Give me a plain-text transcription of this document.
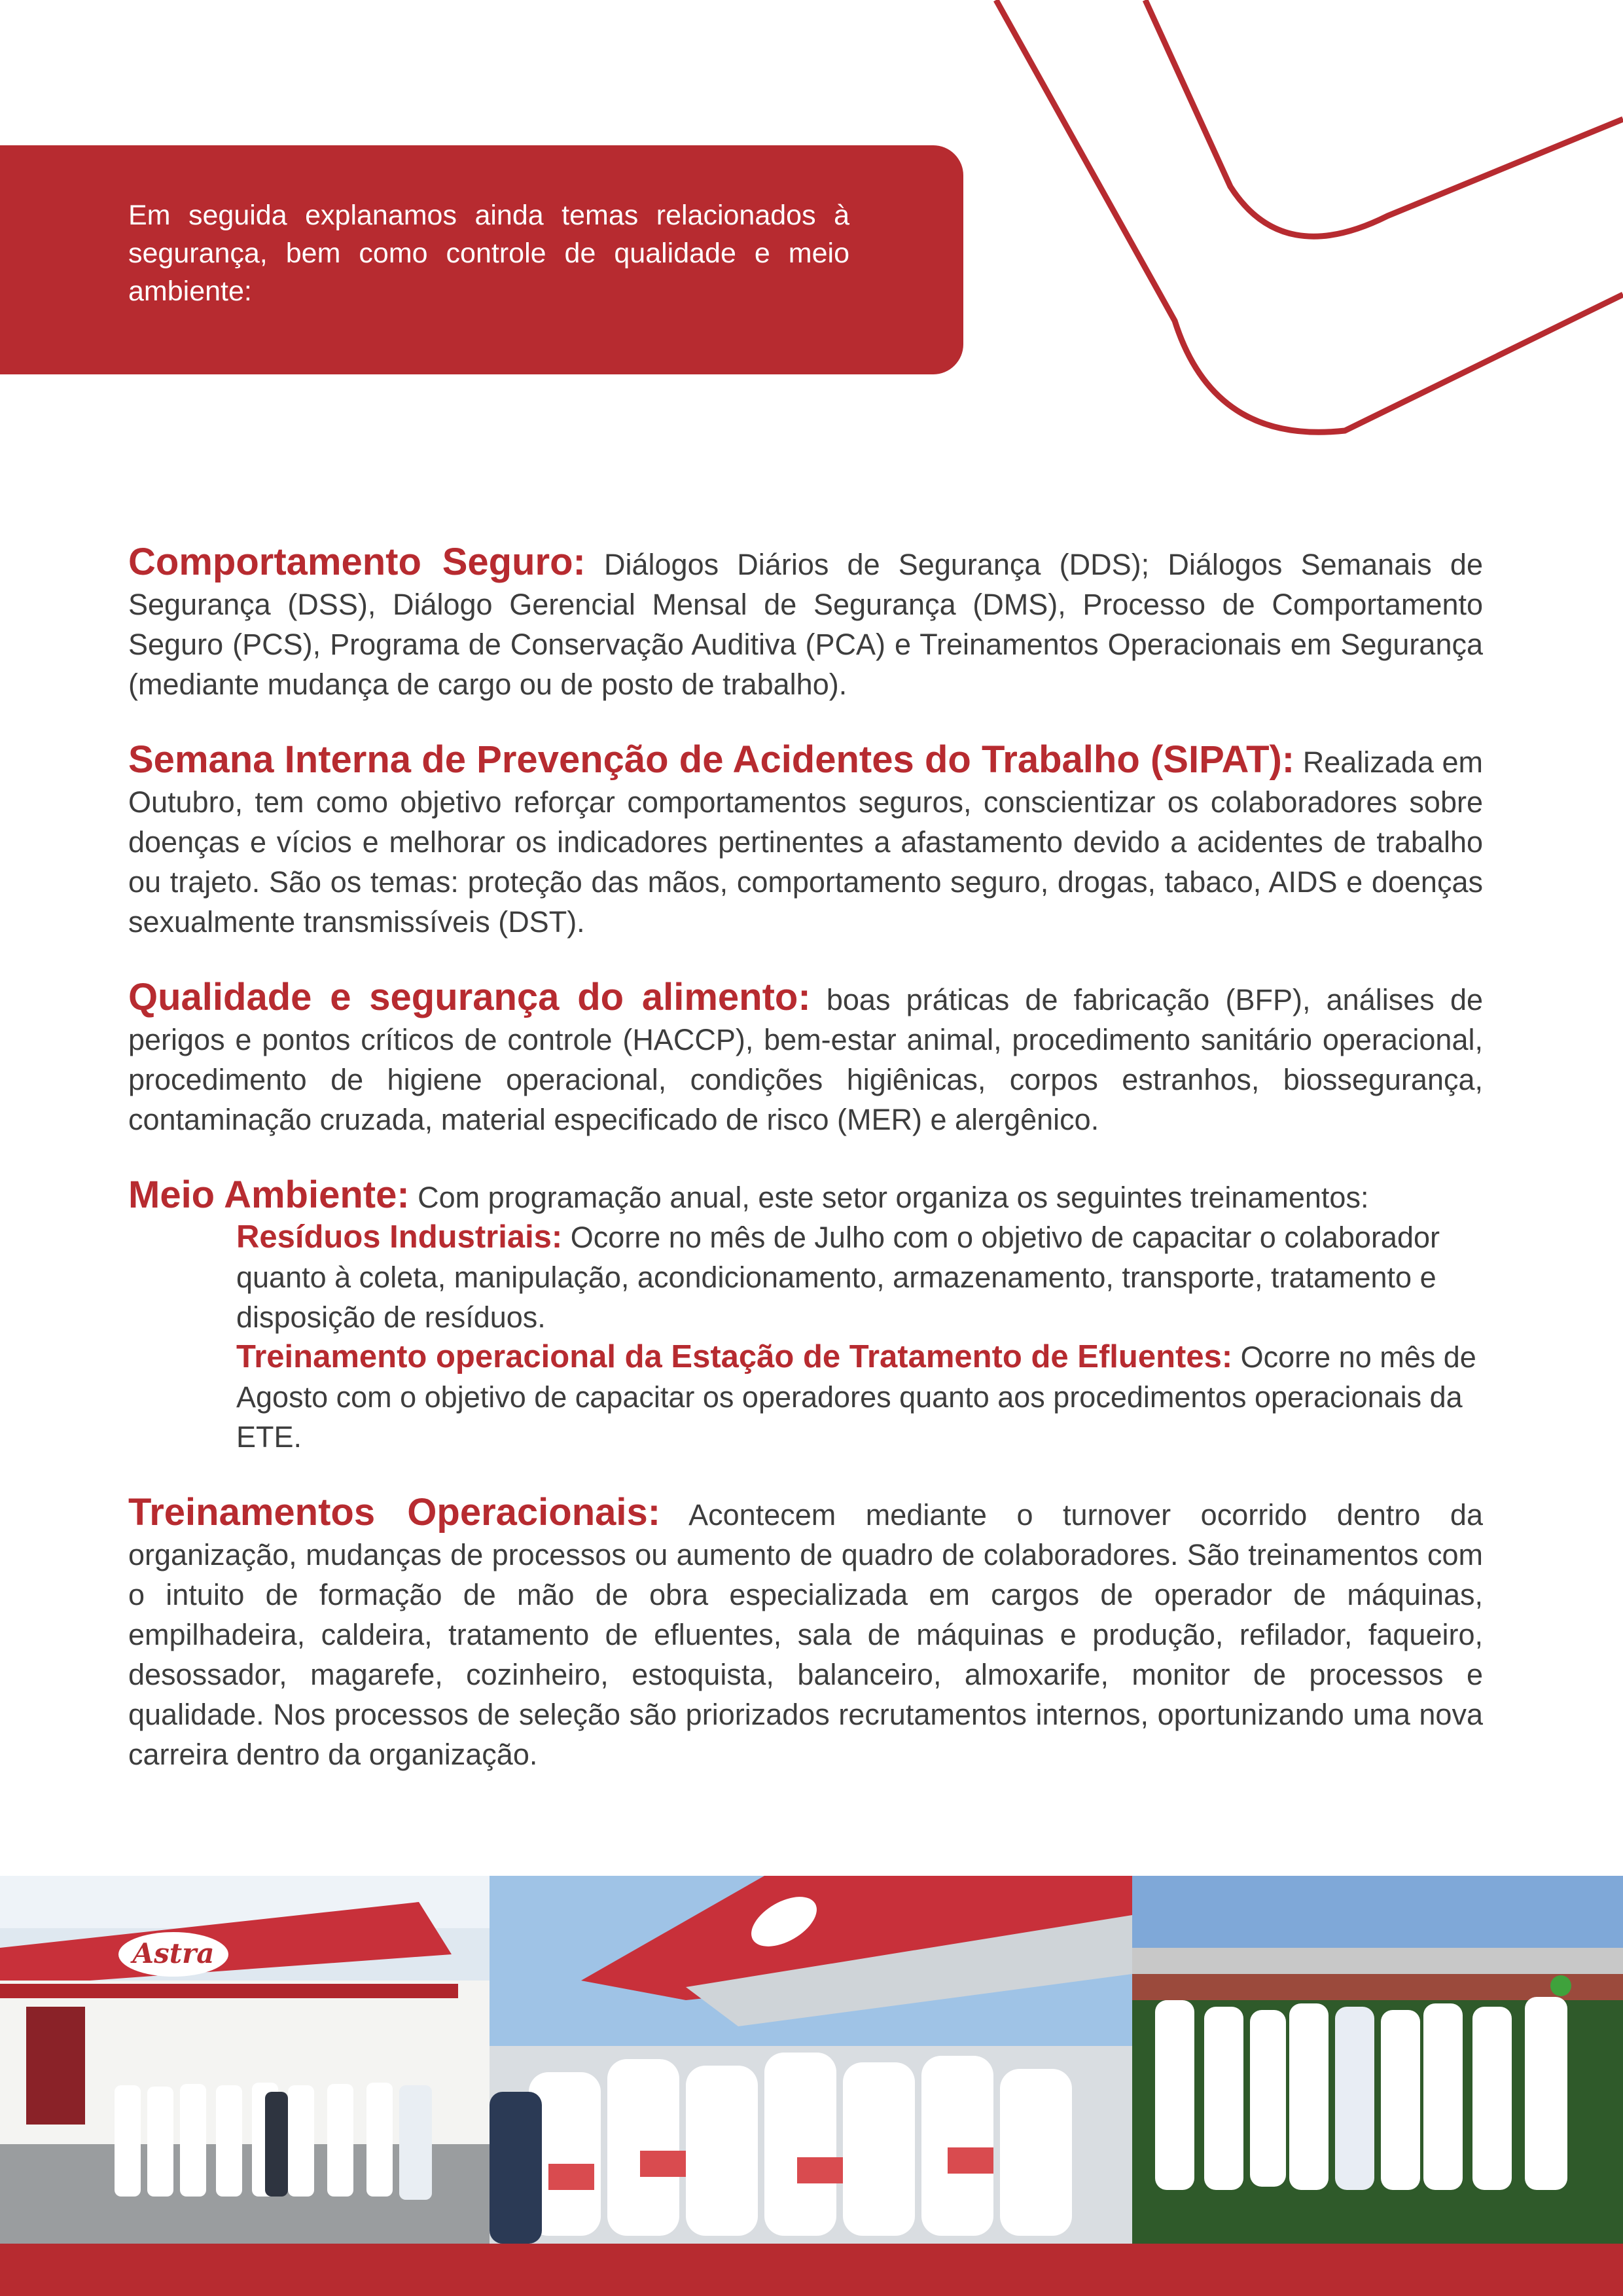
Em seguida explanamos ainda temas relacionados à segurança, bem como controle de qualidade e meio ambiente:

Comportamento Seguro: Diálogos Diários de Segurança (DDS); Diálogos Semanais de Segurança (DSS), Diálogo Gerencial Mensal de Segurança (DMS), Processo de Comportamento Seguro (PCS), Programa de Conservação Auditiva (PCA) e Treinamentos Operacionais em Segurança (mediante mudança de cargo ou de posto de trabalho).

Semana Interna de Prevenção de Acidentes do Trabalho (SIPAT): Realizada em Outubro, tem como objetivo reforçar comportamentos seguros, conscientizar os colaboradores sobre doenças e vícios e melhorar os indicadores pertinentes a afastamento devido a acidentes de trabalho ou trajeto. São os temas: proteção das mãos, comportamento seguro, drogas, tabaco, AIDS e doenças sexualmente transmissíveis (DST).

Qualidade e segurança do alimento: boas práticas de fabricação (BFP), análises de perigos e pontos críticos de controle (HACCP), bem-estar animal, procedimento sanitário operacional, procedimento de higiene operacional, condições higiênicas, corpos estranhos, biossegurança, contaminação cruzada, material especificado de risco (MER) e alergênico.

Meio Ambiente: Com programação anual, este setor organiza os seguintes treinamentos:

Resíduos Industriais: Ocorre no mês de Julho com o objetivo de capacitar o colaborador quanto à coleta, manipulação, acondicionamento, armazenamento, transporte, tratamento e disposição de resíduos.

Treinamento operacional da Estação de Tratamento de Efluentes: Ocorre no mês de Agosto com o objetivo de capacitar os operadores quanto aos procedimentos operacionais da ETE.

Treinamentos Operacionais: Acontecem mediante o turnover ocorrido dentro da organização, mudanças de processos ou aumento de quadro de colaboradores. São treinamentos com o intuito de formação de mão de obra especializada em cargos de operador de máquinas, empilhadeira, caldeira, tratamento de efluentes, sala de máquinas e produção, refilador, faqueiro, desossador, magarefe, cozinheiro, estoquista, balanceiro, almoxarife, monitor de processos e qualidade. Nos processos de seleção são priorizados recrutamentos internos, oportunizando uma nova carreira dentro da organização.

Astra
